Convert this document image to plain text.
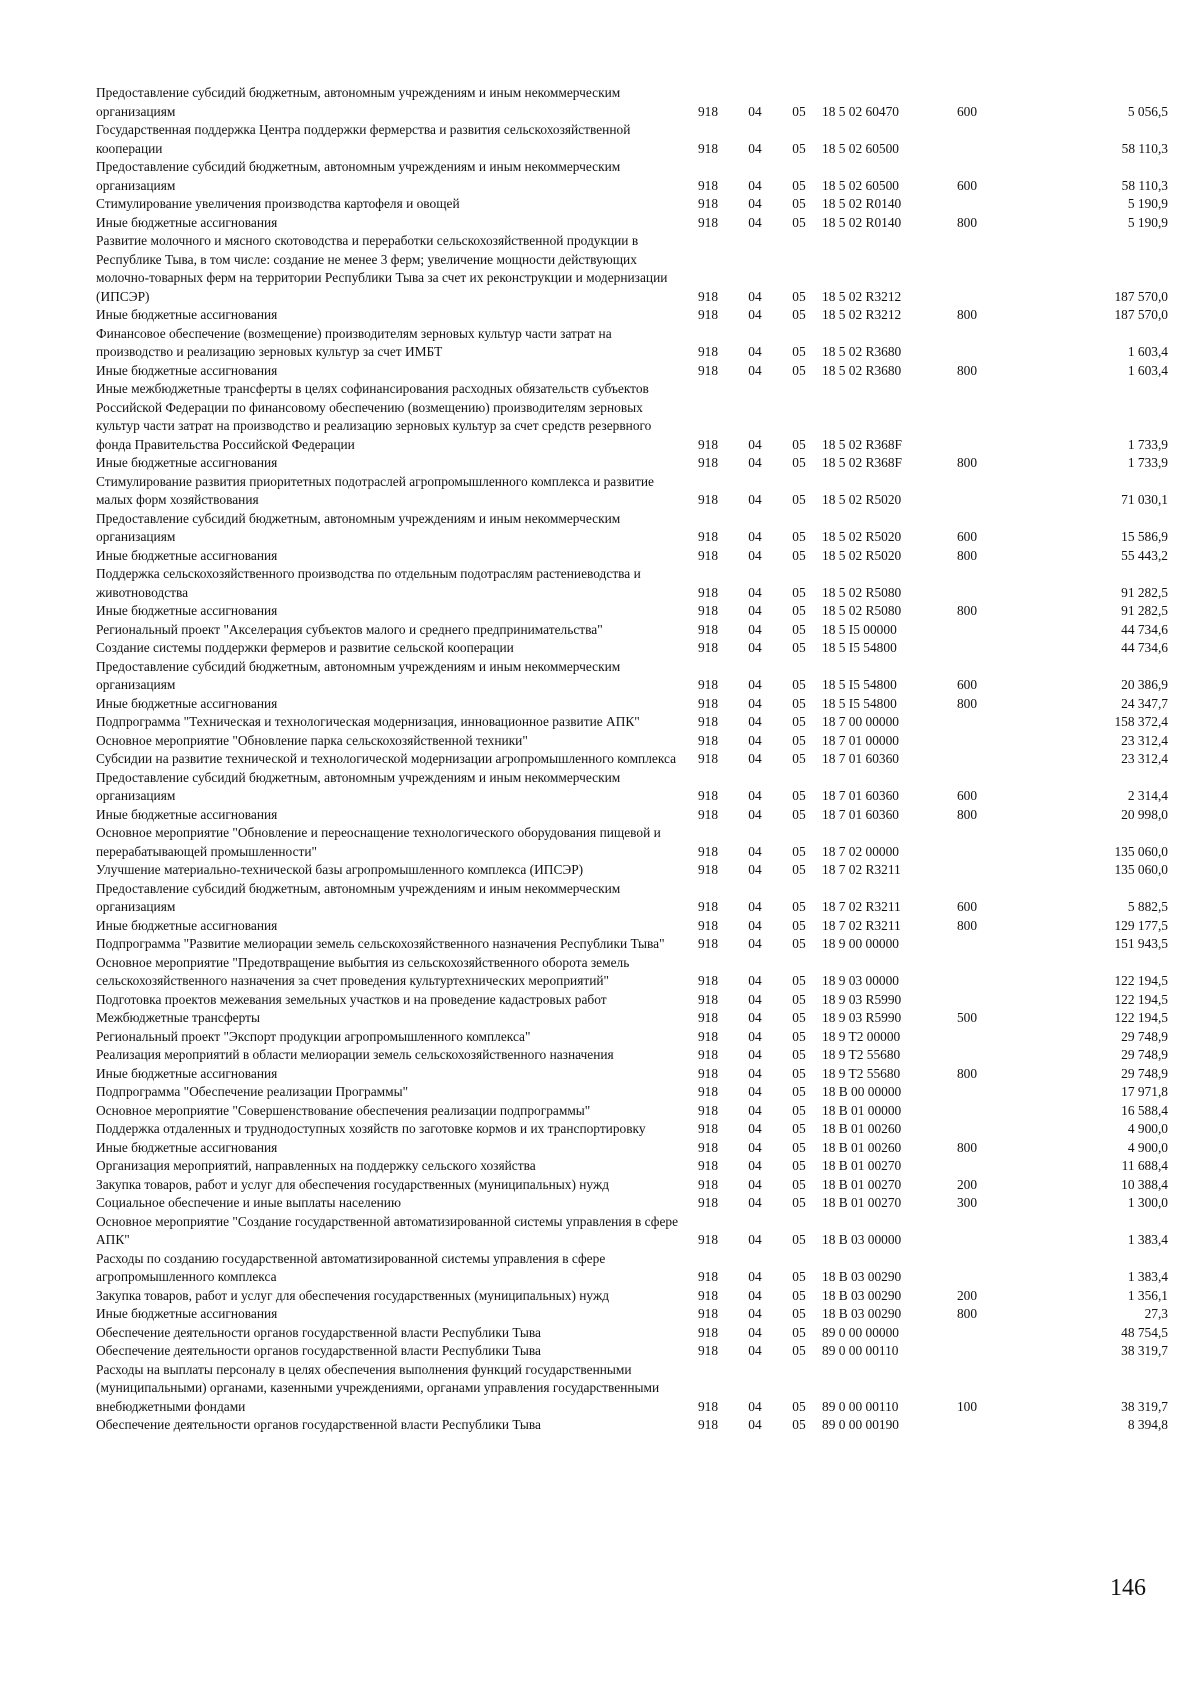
Предоставление субсидий бюджетным, автономным учреждениям и иным некоммерческим организациям	918	04	05	18 5 02 60470	600	5 056,5
Государственная поддержка Центра поддержки фермерства и развития сельскохозяйственной кооперации	918	04	05	18 5 02 60500		58 110,3
Предоставление субсидий бюджетным, автономным учреждениям и иным некоммерческим организациям	918	04	05	18 5 02 60500	600	58 110,3
Стимулирование увеличения производства картофеля и овощей	918	04	05	18 5 02 R0140		5 190,9
Иные бюджетные ассигнования	918	04	05	18 5 02 R0140	800	5 190,9
Развитие молочного и мясного скотоводства и переработки сельскохозяйственной продукции в Республике Тыва, в том числе: создание не менее 3 ферм; увеличение мощности действующих молочно-товарных ферм на территории Республики Тыва за счет их реконструкции и модернизации (ИПСЭР)	918	04	05	18 5 02 R3212		187 570,0
Иные бюджетные ассигнования	918	04	05	18 5 02 R3212	800	187 570,0
Финансовое обеспечение (возмещение) производителям зерновых культур части затрат на производство и реализацию зерновых культур за счет ИМБТ	918	04	05	18 5 02 R3680		1 603,4
Иные бюджетные ассигнования	918	04	05	18 5 02 R3680	800	1 603,4
Иные межбюджетные трансферты в целях софинансирования расходных обязательств субъектов Российской Федерации по финансовому обеспечению (возмещению) производителям зерновых культур части затрат на производство и реализацию зерновых культур за счет средств резервного фонда Правительства Российской Федерации	918	04	05	18 5 02 R368F		1 733,9
Иные бюджетные ассигнования	918	04	05	18 5 02 R368F	800	1 733,9
Стимулирование развития приоритетных подотраслей агропромышленного комплекса и развитие малых форм хозяйствования	918	04	05	18 5 02 R5020		71 030,1
Предоставление субсидий бюджетным, автономным учреждениям и иным некоммерческим организациям	918	04	05	18 5 02 R5020	600	15 586,9
Иные бюджетные ассигнования	918	04	05	18 5 02 R5020	800	55 443,2
Поддержка сельскохозяйственного производства по отдельным подотраслям растениеводства и животноводства	918	04	05	18 5 02 R5080		91 282,5
Иные бюджетные ассигнования	918	04	05	18 5 02 R5080	800	91 282,5
Региональный проект "Акселерация субъектов малого и среднего предпринимательства"	918	04	05	18 5 I5 00000		44 734,6
Создание системы поддержки фермеров и развитие сельской кооперации	918	04	05	18 5 I5 54800		44 734,6
Предоставление субсидий бюджетным, автономным учреждениям и иным некоммерческим организациям	918	04	05	18 5 I5 54800	600	20 386,9
Иные бюджетные ассигнования	918	04	05	18 5 I5 54800	800	24 347,7
Подпрограмма "Техническая и технологическая модернизация, инновационное развитие АПК"	918	04	05	18 7 00 00000		158 372,4
Основное мероприятие "Обновление парка сельскохозяйственной техники"	918	04	05	18 7 01 00000		23 312,4
Субсидии на развитие технической и технологической модернизации агропромышленного комплекса	918	04	05	18 7 01 60360		23 312,4
Предоставление субсидий бюджетным, автономным учреждениям и иным некоммерческим организациям	918	04	05	18 7 01 60360	600	2 314,4
Иные бюджетные ассигнования	918	04	05	18 7 01 60360	800	20 998,0
Основное мероприятие "Обновление и переоснащение технологического оборудования пищевой и перерабатывающей промышленности"	918	04	05	18 7 02 00000		135 060,0
Улучшение материально-технической базы агропромышленного комплекса (ИПСЭР)	918	04	05	18 7 02 R3211		135 060,0
Предоставление субсидий бюджетным, автономным учреждениям и иным некоммерческим организациям	918	04	05	18 7 02 R3211	600	5 882,5
Иные бюджетные ассигнования	918	04	05	18 7 02 R3211	800	129 177,5
Подпрограмма "Развитие мелиорации земель сельскохозяйственного назначения Республики Тыва"	918	04	05	18 9 00 00000		151 943,5
Основное мероприятие "Предотвращение выбытия из сельскохозяйственного оборота земель сельскохозяйственного назначения за счет проведения культуртехнических мероприятий"	918	04	05	18 9 03 00000		122 194,5
Подготовка проектов межевания земельных участков и на проведение кадастровых работ	918	04	05	18 9 03 R5990		122 194,5
Межбюджетные трансферты	918	04	05	18 9 03 R5990	500	122 194,5
Региональный проект "Экспорт продукции агропромышленного комплекса"	918	04	05	18 9 T2 00000		29 748,9
Реализация мероприятий в области мелиорации земель сельскохозяйственного назначения	918	04	05	18 9 T2 55680		29 748,9
Иные бюджетные ассигнования	918	04	05	18 9 T2 55680	800	29 748,9
Подпрограмма "Обеспечение реализации Программы"	918	04	05	18 B 00 00000		17 971,8
Основное мероприятие "Совершенствование обеспечения реализации подпрограммы"	918	04	05	18 B 01 00000		16 588,4
Поддержка отдаленных и труднодоступных хозяйств по заготовке кормов и их транспортировку	918	04	05	18 B 01 00260		4 900,0
Иные бюджетные ассигнования	918	04	05	18 B 01 00260	800	4 900,0
Организация мероприятий, направленных на поддержку сельского хозяйства	918	04	05	18 B 01 00270		11 688,4
Закупка товаров, работ и услуг для обеспечения государственных (муниципальных) нужд	918	04	05	18 B 01 00270	200	10 388,4
Социальное обеспечение и иные выплаты населению	918	04	05	18 B 01 00270	300	1 300,0
Основное мероприятие "Создание государственной автоматизированной системы управления в сфере АПК"	918	04	05	18 B 03 00000		1 383,4
Расходы по созданию государственной автоматизированной системы управления в сфере агропромышленного комплекса	918	04	05	18 B 03 00290		1 383,4
Закупка товаров, работ и услуг для обеспечения государственных (муниципальных) нужд	918	04	05	18 B 03 00290	200	1 356,1
Иные бюджетные ассигнования	918	04	05	18 B 03 00290	800	27,3
Обеспечение деятельности органов государственной власти Республики Тыва	918	04	05	89 0 00 00000		48 754,5
Обеспечение деятельности органов государственной власти Республики Тыва	918	04	05	89 0 00 00110		38 319,7
Расходы на выплаты персоналу в целях обеспечения выполнения функций государственными (муниципальными) органами, казенными учреждениями, органами управления государственными внебюджетными фондами	918	04	05	89 0 00 00110	100	38 319,7
Обеспечение деятельности органов государственной власти Республики Тыва	918	04	05	89 0 00 00190		8 394,8
146
